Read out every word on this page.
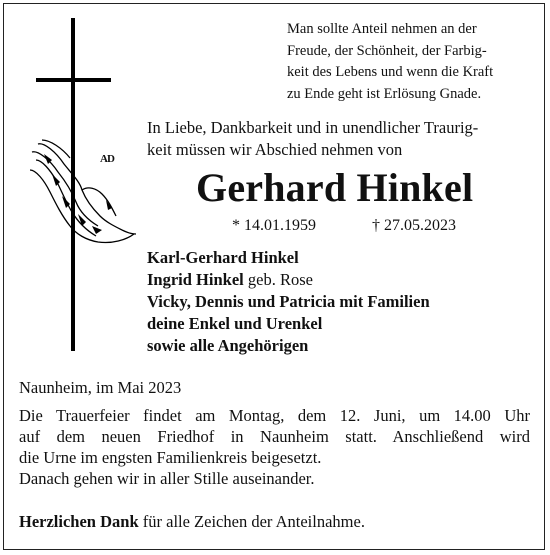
AD
Man sollte Anteil nehmen an der
Freude, der Schönheit, der Farbig-
keit des Lebens und wenn die Kraft
zu Ende geht ist Erlösung Gnade.
In Liebe, Dankbarkeit und in unendlicher Traurig-
keit müssen wir Abschied nehmen von
Gerhard Hinkel
* 14.01.1959	† 27.05.2023
Karl-Gerhard Hinkel
Ingrid Hinkel geb. Rose
Vicky, Dennis und Patricia mit Familien
deine Enkel und Urenkel
sowie alle Angehörigen
Naunheim, im Mai 2023
Die Trauerfeier findet am Montag, dem 12. Juni, um 14.00 Uhr
auf dem neuen Friedhof in Naunheim statt. Anschließend wird
die Urne im engsten Familienkreis beigesetzt.
Danach gehen wir in aller Stille auseinander.
Herzlichen Dank für alle Zeichen der Anteilnahme.
